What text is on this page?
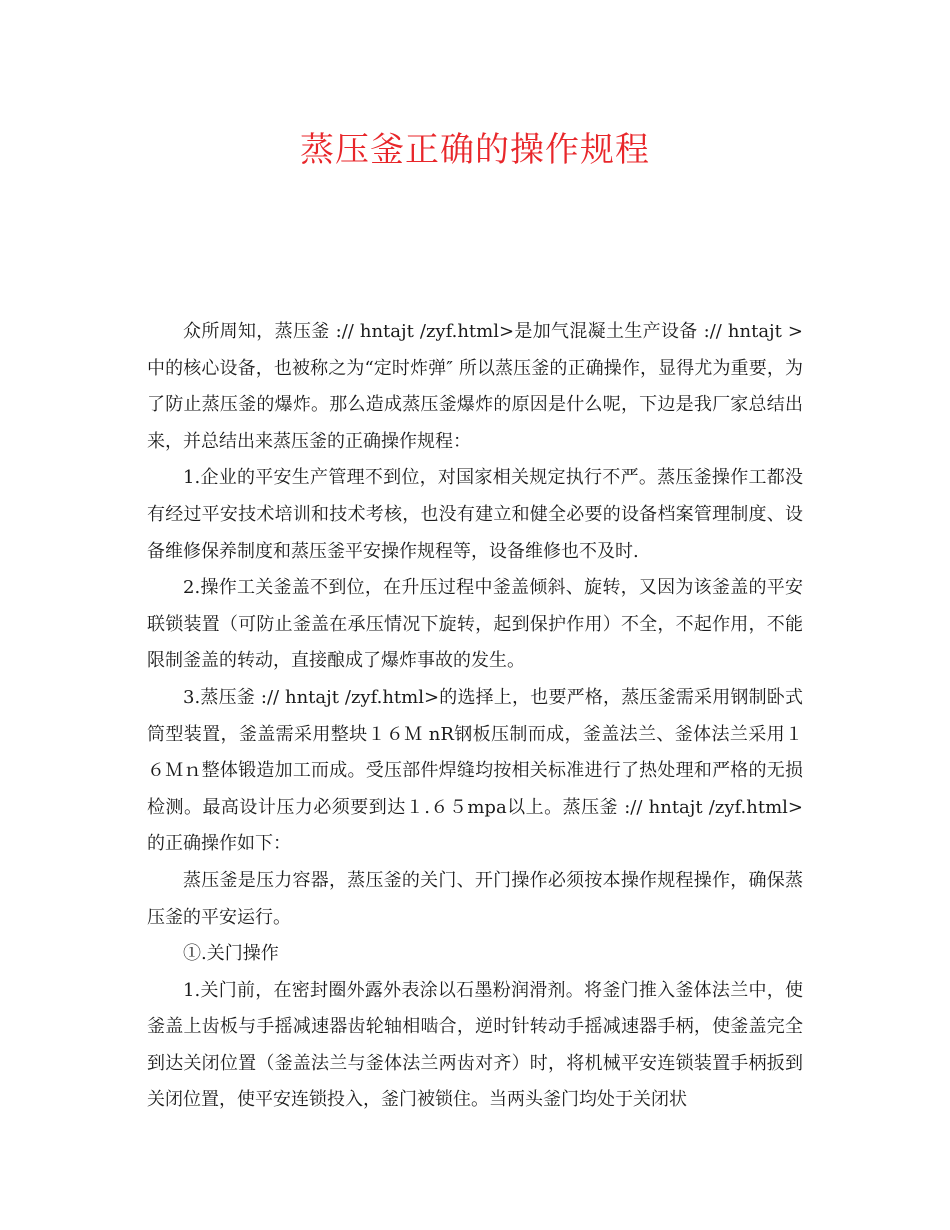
蒸压釜正确的操作规程

众所周知，蒸压釜 :// hntajt /zyf.html>是加气混凝土生产设备 :// hntajt >中的核心设备，也被称之为“定时炸弹″ 所以蒸压釜的正确操作，显得尤为重要，为了防止蒸压釜的爆炸。那么造成蒸压釜爆炸的原因是什么呢，下边是我厂家总结出来，并总结出来蒸压釜的正确操作规程：

1.企业的平安生产管理不到位，对国家相关规定执行不严。蒸压釜操作工都没有经过平安技术培训和技术考核，也没有建立和健全必要的设备档案管理制度、设备维修保养制度和蒸压釜平安操作规程等，设备维修也不及时.

2.操作工关釜盖不到位，在升压过程中釜盖倾斜、旋转，又因为该釜盖的平安联锁装置（可防止釜盖在承压情况下旋转，起到保护作用）不全，不起作用，不能限制釜盖的转动，直接酿成了爆炸事故的发生。

3.蒸压釜 :// hntajt /zyf.html>的选择上，也要严格，蒸压釜需采用钢制卧式筒型装置，釜盖需采用整块１６Ｍ nR钢板压制而成，釜盖法兰、釜体法兰采用１６Ｍｎ整体锻造加工而成。受压部件焊缝均按相关标准进行了热处理和严格的无损检测。最高设计压力必须要到达１.６５mpa以上。蒸压釜 :// hntajt /zyf.html>的正确操作如下：

蒸压釜是压力容器，蒸压釜的关门、开门操作必须按本操作规程操作，确保蒸压釜的平安运行。

①.关门操作

1.关门前，在密封圈外露外表涂以石墨粉润滑剂。将釜门推入釜体法兰中，使釜盖上齿板与手摇减速器齿轮轴相啮合，逆时针转动手摇减速器手柄，使釜盖完全到达关闭位置（釜盖法兰与釜体法兰两齿对齐）时，将机械平安连锁装置手柄扳到关闭位置，使平安连锁投入，釜门被锁住。当两头釜门均处于关闭状
